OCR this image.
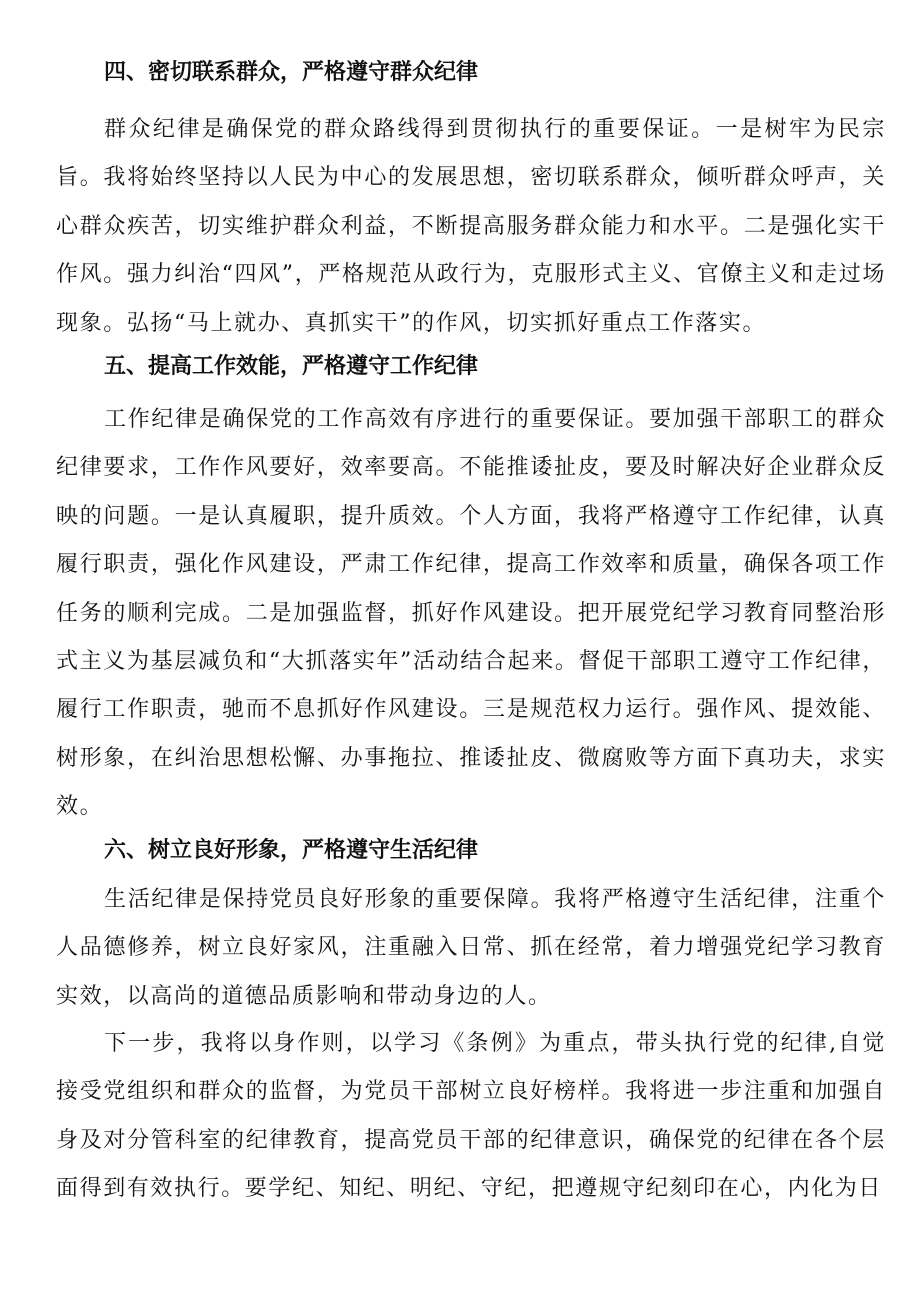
四、密切联系群众，严格遵守群众纪律

群众纪律是确保党的群众路线得到贯彻执行的重要保证。一是树牢为民宗旨。我将始终坚持以人民为中心的发展思想，密切联系群众，倾听群众呼声，关心群众疾苦，切实维护群众利益，不断提高服务群众能力和水平。二是强化实干作风。强力纠治“四风”，严格规范从政行为，克服形式主义、官僚主义和走过场现象。弘扬“马上就办、真抓实干”的作风，切实抓好重点工作落实。

五、提高工作效能，严格遵守工作纪律

工作纪律是确保党的工作高效有序进行的重要保证。要加强干部职工的群众纪律要求，工作作风要好，效率要高。不能推诿扯皮，要及时解决好企业群众反映的问题。一是认真履职，提升质效。个人方面，我将严格遵守工作纪律，认真履行职责，强化作风建设，严肃工作纪律，提高工作效率和质量，确保各项工作任务的顺利完成。二是加强监督，抓好作风建设。把开展党纪学习教育同整治形式主义为基层减负和“大抓落实年”活动结合起来。督促干部职工遵守工作纪律，履行工作职责，驰而不息抓好作风建设。三是规范权力运行。强作风、提效能、树形象，在纠治思想松懈、办事拖拉、推诿扯皮、微腐败等方面下真功夫，求实效。

六、树立良好形象，严格遵守生活纪律

生活纪律是保持党员良好形象的重要保障。我将严格遵守生活纪律，注重个人品德修养，树立良好家风，注重融入日常、抓在经常，着力增强党纪学习教育实效，以高尚的道德品质影响和带动身边的人。

下一步，我将以身作则，以学习《条例》为重点，带头执行党的纪律,自觉接受党组织和群众的监督，为党员干部树立良好榜样。我将进一步注重和加强自身及对分管科室的纪律教育，提高党员干部的纪律意识，确保党的纪律在各个层面得到有效执行。要学纪、知纪、明纪、守纪，把遵规守纪刻印在心，内化为日
